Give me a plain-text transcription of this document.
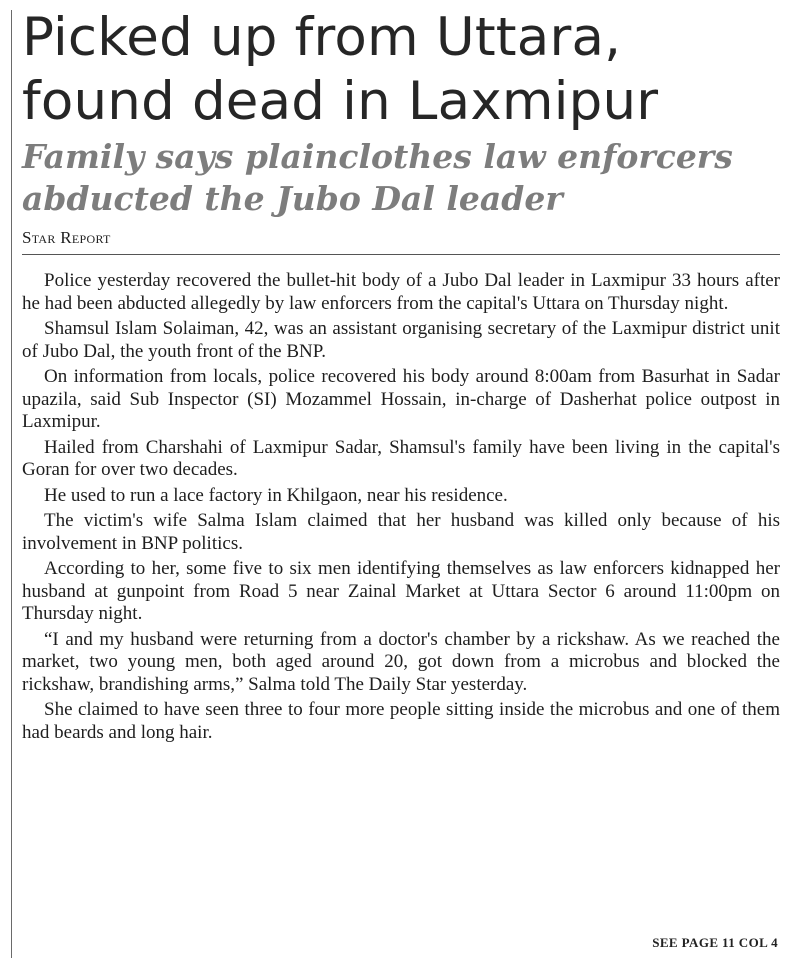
Picked up from Uttara,
found dead in Laxmipur
Family says plainclothes law enforcers
abducted the Jubo Dal leader
Star Report

Police yesterday recovered the bullet-hit body of a Jubo Dal leader in Laxmipur 33 hours after he had been abducted allegedly by law enforcers from the capital's Uttara on Thursday night.

Shamsul Islam Solaiman, 42, was an assistant organising secretary of the Laxmipur district unit of Jubo Dal, the youth front of the BNP.

On information from locals, police recovered his body around 8:00am from Basurhat in Sadar upazila, said Sub Inspector (SI) Mozammel Hossain, in-charge of Dasherhat police outpost in Laxmipur.

Hailed from Charshahi of Laxmipur Sadar, Shamsul's family have been living in the capital's Goran for over two decades.

He used to run a lace factory in Khilgaon, near his residence.

The victim's wife Salma Islam claimed that her husband was killed only because of his involvement in BNP politics.

According to her, some five to six men identifying themselves as law enforcers kidnapped her husband at gunpoint from Road 5 near Zainal Market at Uttara Sector 6 around 11:00pm on Thursday night.

“I and my husband were returning from a doctor's chamber by a rickshaw. As we reached the market, two young men, both aged around 20, got down from a microbus and blocked the rickshaw, brandishing arms,” Salma told The Daily Star yesterday.

She claimed to have seen three to four more people sitting inside the microbus and one of them had beards and long hair.

SEE PAGE 11 COL 4
